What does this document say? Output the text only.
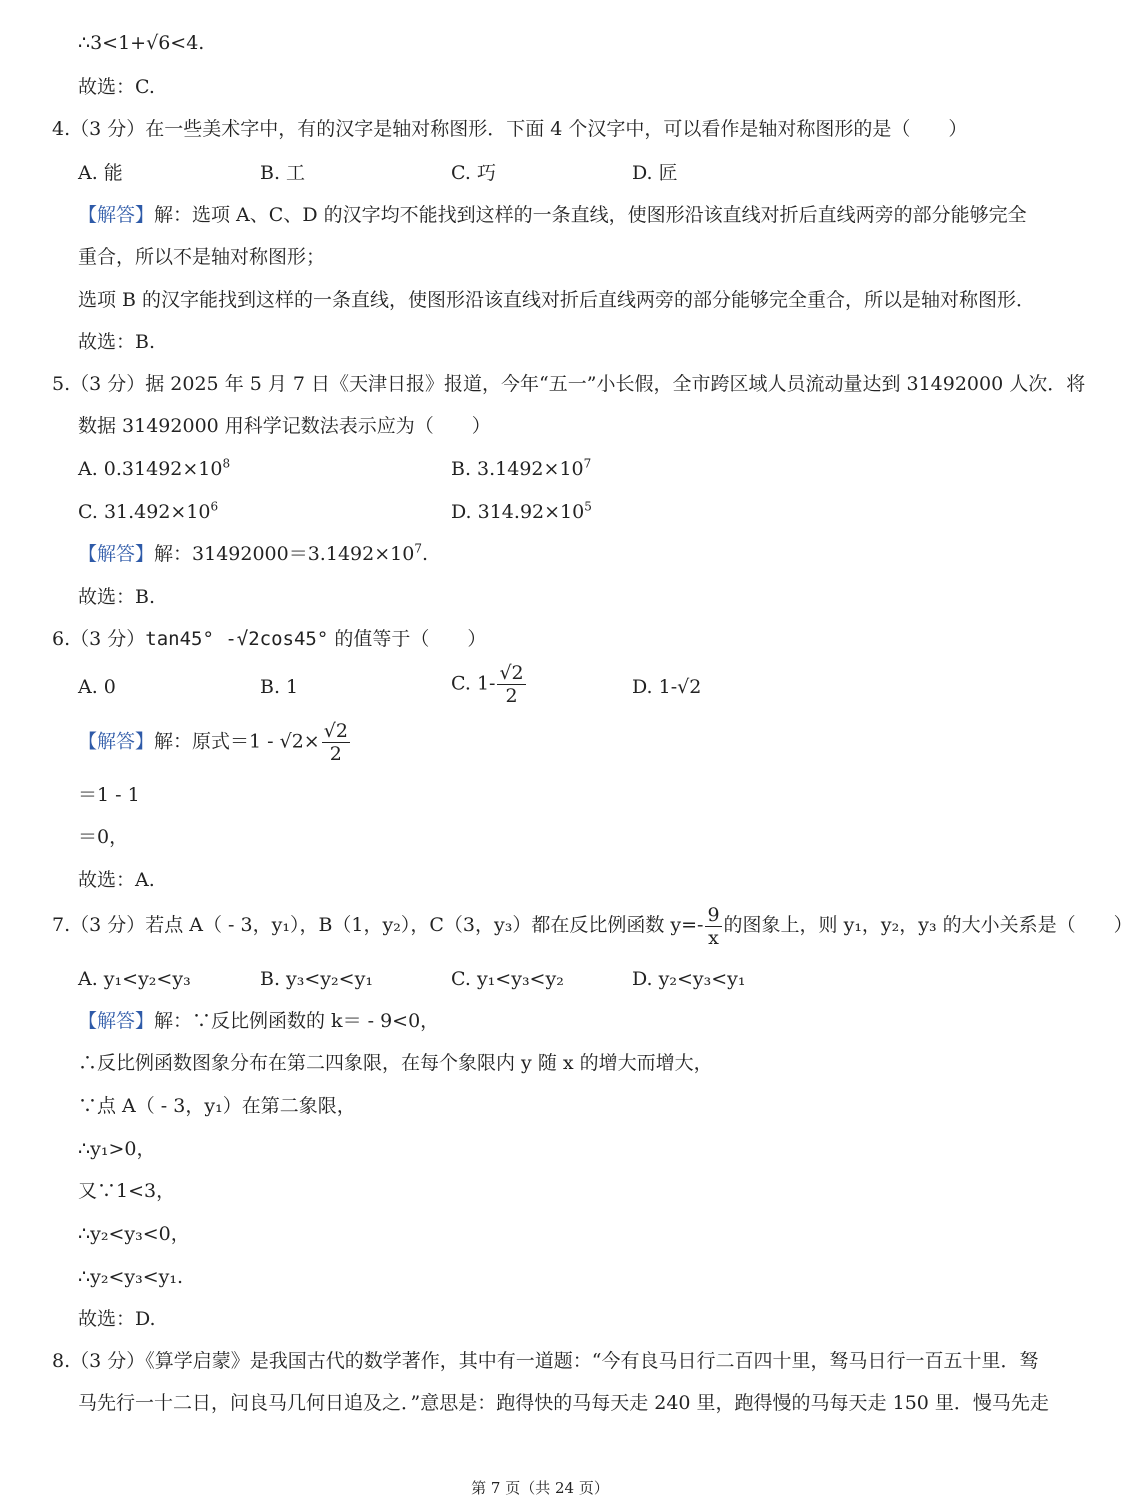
∴3<1+√6<4.
故选：C.
4.（3 分）在一些美术字中，有的汉字是轴对称图形．下面 4 个汉字中，可以看作是轴对称图形的是（　　）
A. 能	B. 工	C. 巧	D. 匠
【解答】解：选项 A、C、D 的汉字均不能找到这样的一条直线，使图形沿该直线对折后直线两旁的部分能够完全
重合，所以不是轴对称图形；
选项 B 的汉字能找到这样的一条直线，使图形沿该直线对折后直线两旁的部分能够完全重合，所以是轴对称图形．
故选：B.
5.（3 分）据 2025 年 5 月 7 日《天津日报》报道，今年“五一”小长假，全市跨区域人员流动量达到 31492000 人次．将
数据 31492000 用科学记数法表示应为（　　）
A. $0.31492\times 10^8$	B. $3.1492\times 10^7$
C. $31.492\times 10^6$	D. $314.92\times 10^5$
【解答】解：$31492000=3.1492\times 10^7$.
故选：B.
6.（3 分）tan45° -√2cos45° 的值等于（　　）
A. 0	B. 1	C. $1- \frac{√2}{2}$	D. 1-√2
【解答】解：原式$=1 - √2\times \frac{√2}{2}$
＝1 - 1
＝0，
故选：A.
7.（3 分）若点 A（ - 3，y₁），B（1，y₂），C（3，y₃）都在反比例函数 $y=- \frac{9}{x}$ 的图象上，则 y₁，y₂，y₃ 的大小关系是（　　）
A. y₁<y₂<y₃	B. y₃<y₂<y₁	C. y₁<y₃<y₂	D. y₂<y₃<y₁
【解答】解：∵反比例函数的 k＝ - 9<0，
∴反比例函数图象分布在第二四象限，在每个象限内 y 随 x 的增大而增大，
∵点 A（ - 3，y₁）在第二象限，
∴y₁>0，
又∵1<3，
∴y₂<y₃<0，
∴y₂<y₃<y₁.
故选：D.
8.（3 分）《算学启蒙》是我国古代的数学著作，其中有一道题：“今有良马日行二百四十里，驽马日行一百五十里．驽
马先行一十二日，问良马几何日追及之．”意思是：跑得快的马每天走 240 里，跑得慢的马每天走 150 里．慢马先走
第 7 页（共 24 页）
